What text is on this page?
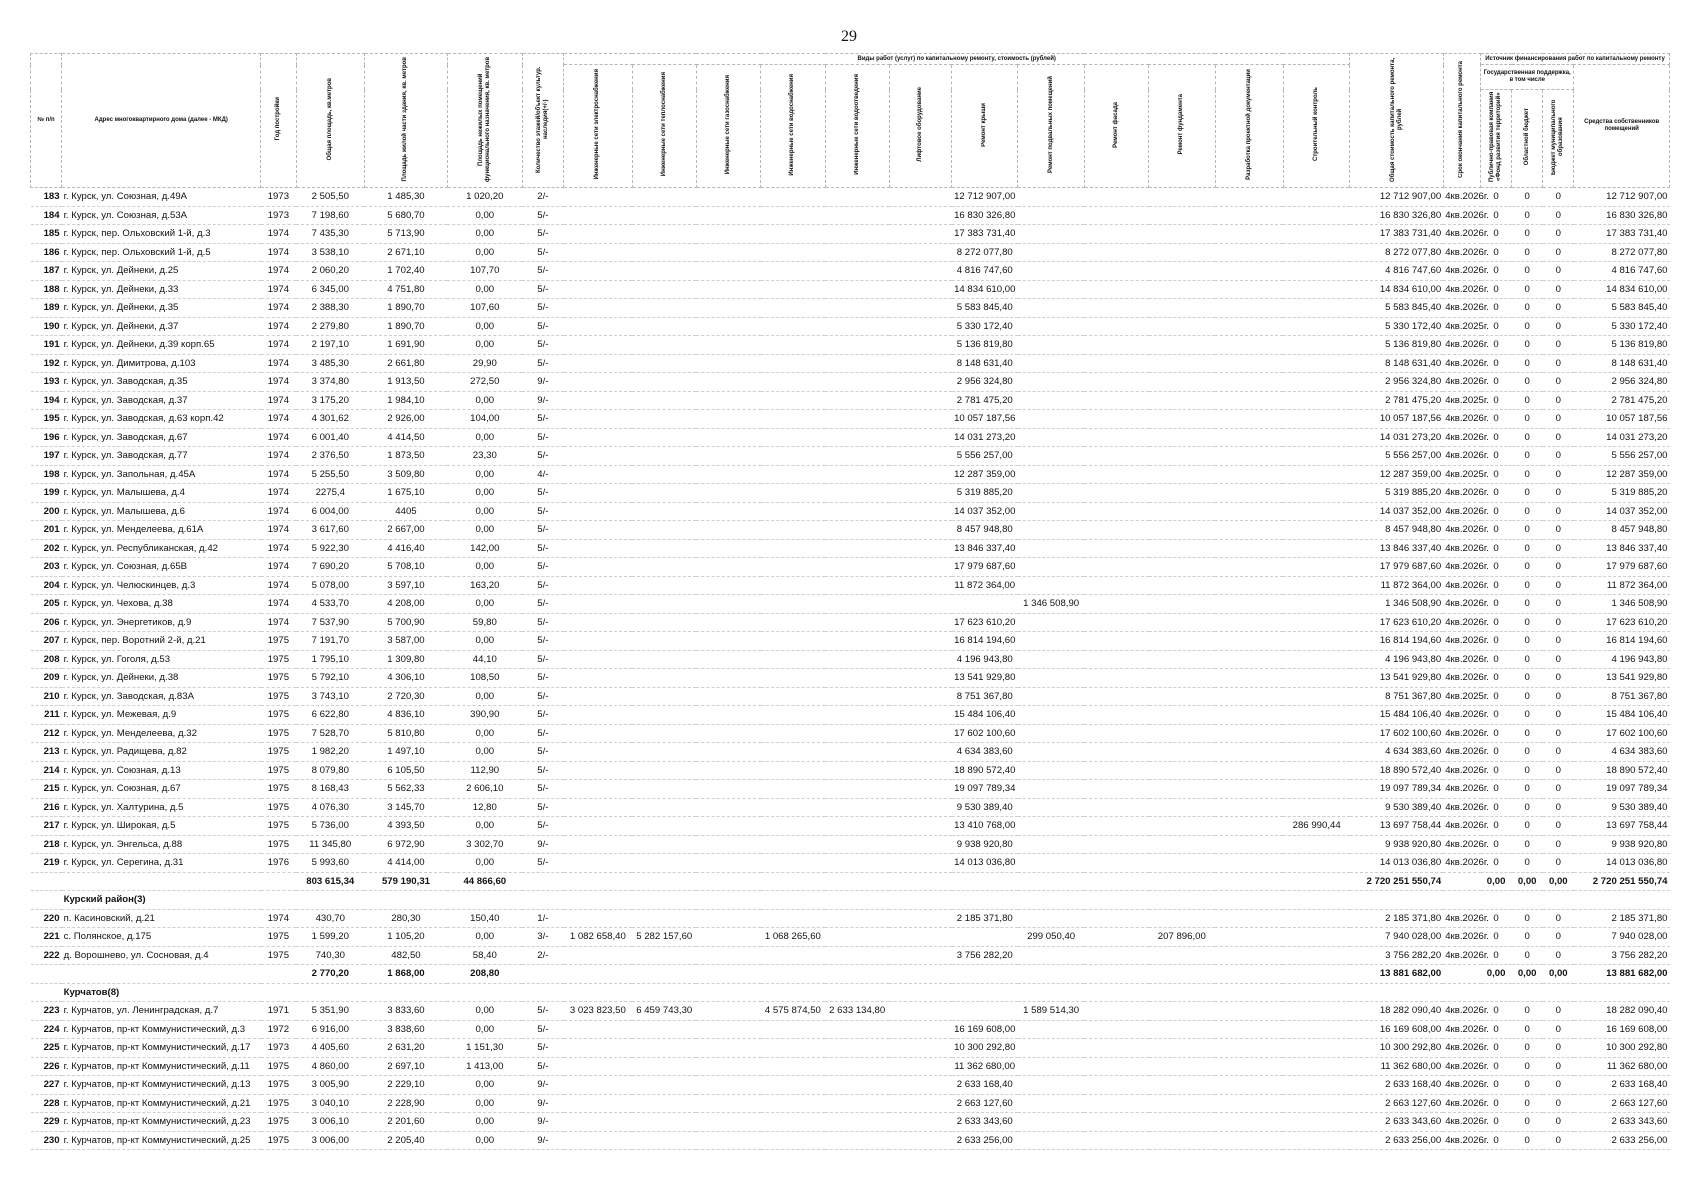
29
№ п/п	Адрес многоквартирного дома (далее - МКД)	Год постройки	Общая площадь, кв.метров	Площадь жилой части здания, кв. метров	Площадь нежилых помещений функционального назначения, кв. метров	Количество этажей/объект культур. наследия(+/-)	Виды работ (услуг) по капитальному ремонту, стоимость (рублей)												Общая стоимость капитального ремонта, рублей	Срок окончания капитального ремонта	Источник финансирования работ по капитальному ремонту			
							Инженерные сети электроснабжения	Инженерные сети теплоснабжения	Инженерные сети газоснабжения	Инженерные сети водоснабжения	Инженерные сети водоотведения	Лифтовое оборудование	Ремонт крыши	Ремонт подвальных помещений	Ремонт фасада	Ремонт фундамента	Разработка проектной документации	Строительный контроль			Государственная поддержка, в том числе			Средства собственников помещений
																					Публично-правовая компания «Фонд развития территорий»	Областной бюджет	Бюджет муниципального образования	
183	г. Курск, ул. Союзная, д.49А	1973	2 505,50	1 485,30	1 020,20	2/-							12 712 907,00						12 712 907,00	4кв.2026г.	0	0	0	12 712 907,00
184	г. Курск, ул. Союзная, д.53А	1973	7 198,60	5 680,70	0,00	5/-							16 830 326,80						16 830 326,80	4кв.2026г.	0	0	0	16 830 326,80
185	г. Курск, пер. Ольховский 1-й, д.3	1974	7 435,30	5 713,90	0,00	5/-							17 383 731,40						17 383 731,40	4кв.2026г.	0	0	0	17 383 731,40
186	г. Курск, пер. Ольховский 1-й, д.5	1974	3 538,10	2 671,10	0,00	5/-							8 272 077,80						8 272 077,80	4кв.2026г.	0	0	0	8 272 077,80
187	г. Курск, ул. Дейнеки, д.25	1974	2 060,20	1 702,40	107,70	5/-							4 816 747,60						4 816 747,60	4кв.2026г.	0	0	0	4 816 747,60
188	г. Курск, ул. Дейнеки, д.33	1974	6 345,00	4 751,80	0,00	5/-							14 834 610,00						14 834 610,00	4кв.2026г.	0	0	0	14 834 610,00
189	г. Курск, ул. Дейнеки, д.35	1974	2 388,30	1 890,70	107,60	5/-							5 583 845,40						5 583 845,40	4кв.2026г.	0	0	0	5 583 845,40
190	г. Курск, ул. Дейнеки, д.37	1974	2 279,80	1 890,70	0,00	5/-							5 330 172,40						5 330 172,40	4кв.2025г.	0	0	0	5 330 172,40
191	г. Курск, ул. Дейнеки, д.39 корп.65	1974	2 197,10	1 691,90	0,00	5/-							5 136 819,80						5 136 819,80	4кв.2026г.	0	0	0	5 136 819,80
192	г. Курск, ул. Димитрова, д.103	1974	3 485,30	2 661,80	29,90	5/-							8 148 631,40						8 148 631,40	4кв.2026г.	0	0	0	8 148 631,40
193	г. Курск, ул. Заводская, д.35	1974	3 374,80	1 913,50	272,50	9/-							2 956 324,80						2 956 324,80	4кв.2026г.	0	0	0	2 956 324,80
194	г. Курск, ул. Заводская, д.37	1974	3 175,20	1 984,10	0,00	9/-							2 781 475,20						2 781 475,20	4кв.2025г.	0	0	0	2 781 475,20
195	г. Курск, ул. Заводская, д.63 корп.42	1974	4 301,62	2 926,00	104,00	5/-							10 057 187,56						10 057 187,56	4кв.2026г.	0	0	0	10 057 187,56
196	г. Курск, ул. Заводская, д.67	1974	6 001,40	4 414,50	0,00	5/-							14 031 273,20						14 031 273,20	4кв.2026г.	0	0	0	14 031 273,20
197	г. Курск, ул. Заводская, д.77	1974	2 376,50	1 873,50	23,30	5/-							5 556 257,00						5 556 257,00	4кв.2026г.	0	0	0	5 556 257,00
198	г. Курск, ул. Запольная, д.45А	1974	5 255,50	3 509,80	0,00	4/-							12 287 359,00						12 287 359,00	4кв.2025г.	0	0	0	12 287 359,00
199	г. Курск, ул. Малышева, д.4	1974	2275,4	1 675,10	0,00	5/-							5 319 885,20						5 319 885,20	4кв.2026г.	0	0	0	5 319 885,20
200	г. Курск, ул. Малышева, д.6	1974	6 004,00	4405	0,00	5/-							14 037 352,00						14 037 352,00	4кв.2026г.	0	0	0	14 037 352,00
201	г. Курск, ул. Менделеева, д.61А	1974	3 617,60	2 667,00	0,00	5/-							8 457 948,80						8 457 948,80	4кв.2026г.	0	0	0	8 457 948,80
202	г. Курск, ул. Республиканская, д.42	1974	5 922,30	4 416,40	142,00	5/-							13 846 337,40						13 846 337,40	4кв.2026г.	0	0	0	13 846 337,40
203	г. Курск, ул. Союзная, д.65В	1974	7 690,20	5 708,10	0,00	5/-							17 979 687,60						17 979 687,60	4кв.2026г.	0	0	0	17 979 687,60
204	г. Курск, ул. Челюскинцев, д.3	1974	5 078,00	3 597,10	163,20	5/-							11 872 364,00						11 872 364,00	4кв.2026г.	0	0	0	11 872 364,00
205	г. Курск, ул. Чехова, д.38	1974	4 533,70	4 208,00	0,00	5/-								1 346 508,90					1 346 508,90	4кв.2026г.	0	0	0	1 346 508,90
206	г. Курск, ул. Энергетиков, д.9	1974	7 537,90	5 700,90	59,80	5/-							17 623 610,20						17 623 610,20	4кв.2026г.	0	0	0	17 623 610,20
207	г. Курск, пер. Воротний 2-й, д.21	1975	7 191,70	3 587,00	0,00	5/-							16 814 194,60						16 814 194,60	4кв.2026г.	0	0	0	16 814 194,60
208	г. Курск, ул. Гоголя, д.53	1975	1 795,10	1 309,80	44,10	5/-							4 196 943,80						4 196 943,80	4кв.2026г.	0	0	0	4 196 943,80
209	г. Курск, ул. Дейнеки, д.38	1975	5 792,10	4 306,10	108,50	5/-							13 541 929,80						13 541 929,80	4кв.2026г.	0	0	0	13 541 929,80
210	г. Курск, ул. Заводская, д.83А	1975	3 743,10	2 720,30	0,00	5/-							8 751 367,80						8 751 367,80	4кв.2025г.	0	0	0	8 751 367,80
211	г. Курск, ул. Межевая, д.9	1975	6 622,80	4 836,10	390,90	5/-							15 484 106,40						15 484 106,40	4кв.2026г.	0	0	0	15 484 106,40
212	г. Курск, ул. Менделеева, д.32	1975	7 528,70	5 810,80	0,00	5/-							17 602 100,60						17 602 100,60	4кв.2026г.	0	0	0	17 602 100,60
213	г. Курск, ул. Радищева, д.82	1975	1 982,20	1 497,10	0,00	5/-							4 634 383,60						4 634 383,60	4кв.2026г.	0	0	0	4 634 383,60
214	г. Курск, ул. Союзная, д.13	1975	8 079,80	6 105,50	112,90	5/-							18 890 572,40						18 890 572,40	4кв.2026г.	0	0	0	18 890 572,40
215	г. Курск, ул. Союзная, д.67	1975	8 168,43	5 562,33	2 606,10	5/-							19 097 789,34						19 097 789,34	4кв.2026г.	0	0	0	19 097 789,34
216	г. Курск, ул. Халтурина, д.5	1975	4 076,30	3 145,70	12,80	5/-							9 530 389,40						9 530 389,40	4кв.2026г.	0	0	0	9 530 389,40
217	г. Курск, ул. Широкая, д.5	1975	5 736,00	4 393,50	0,00	5/-							13 410 768,00					286 990,44	13 697 758,44	4кв.2026г.	0	0	0	13 697 758,44
218	г. Курск, ул. Энгельса, д.88	1975	11 345,80	6 972,90	3 302,70	9/-							9 938 920,80						9 938 920,80	4кв.2026г.	0	0	0	9 938 920,80
219	г. Курск, ул. Серегина, д.31	1976	5 993,60	4 414,00	0,00	5/-							14 013 036,80						14 013 036,80	4кв.2026г.	0	0	0	14 013 036,80
			803 615,34	579 190,31	44 866,60														2 720 251 550,74		0,00	0,00	0,00	2 720 251 550,74
	Курский район(3)																							
220	п. Касиновский, д.21	1974	430,70	280,30	150,40	1/-							2 185 371,80						2 185 371,80	4кв.2026г.	0	0	0	2 185 371,80
221	с. Полянское, д.175	1975	1 599,20	1 105,20	0,00	3/-	1 082 658,40	5 282 157,60		1 068 265,60				299 050,40		207 896,00			7 940 028,00	4кв.2026г.	0	0	0	7 940 028,00
222	д. Ворошнево, ул. Сосновая, д.4	1975	740,30	482,50	58,40	2/-							3 756 282,20						3 756 282,20	4кв.2026г.	0	0	0	3 756 282,20
			2 770,20	1 868,00	208,80														13 881 682,00		0,00	0,00	0,00	13 881 682,00
	Курчатов(8)																							
223	г. Курчатов, ул. Ленинградская, д.7	1971	5 351,90	3 833,60	0,00	5/-	3 023 823,50	6 459 743,30		4 575 874,50	2 633 134,80			1 589 514,30					18 282 090,40	4кв.2026г.	0	0	0	18 282 090,40
224	г. Курчатов, пр-кт Коммунистический, д.3	1972	6 916,00	3 838,60	0,00	5/-							16 169 608,00						16 169 608,00	4кв.2026г.	0	0	0	16 169 608,00
225	г. Курчатов, пр-кт Коммунистический, д.17	1973	4 405,60	2 631,20	1 151,30	5/-							10 300 292,80						10 300 292,80	4кв.2026г.	0	0	0	10 300 292,80
226	г. Курчатов, пр-кт Коммунистический, д.11	1975	4 860,00	2 697,10	1 413,00	5/-							11 362 680,00						11 362 680,00	4кв.2026г.	0	0	0	11 362 680,00
227	г. Курчатов, пр-кт Коммунистический, д.13	1975	3 005,90	2 229,10	0,00	9/-							2 633 168,40						2 633 168,40	4кв.2026г.	0	0	0	2 633 168,40
228	г. Курчатов, пр-кт Коммунистический, д.21	1975	3 040,10	2 228,90	0,00	9/-							2 663 127,60						2 663 127,60	4кв.2026г.	0	0	0	2 663 127,60
229	г. Курчатов, пр-кт Коммунистический, д.23	1975	3 006,10	2 201,60	0,00	9/-							2 633 343,60						2 633 343,60	4кв.2026г.	0	0	0	2 633 343,60
230	г. Курчатов, пр-кт Коммунистический, д.25	1975	3 006,00	2 205,40	0,00	9/-							2 633 256,00						2 633 256,00	4кв.2026г.	0	0	0	2 633 256,00
